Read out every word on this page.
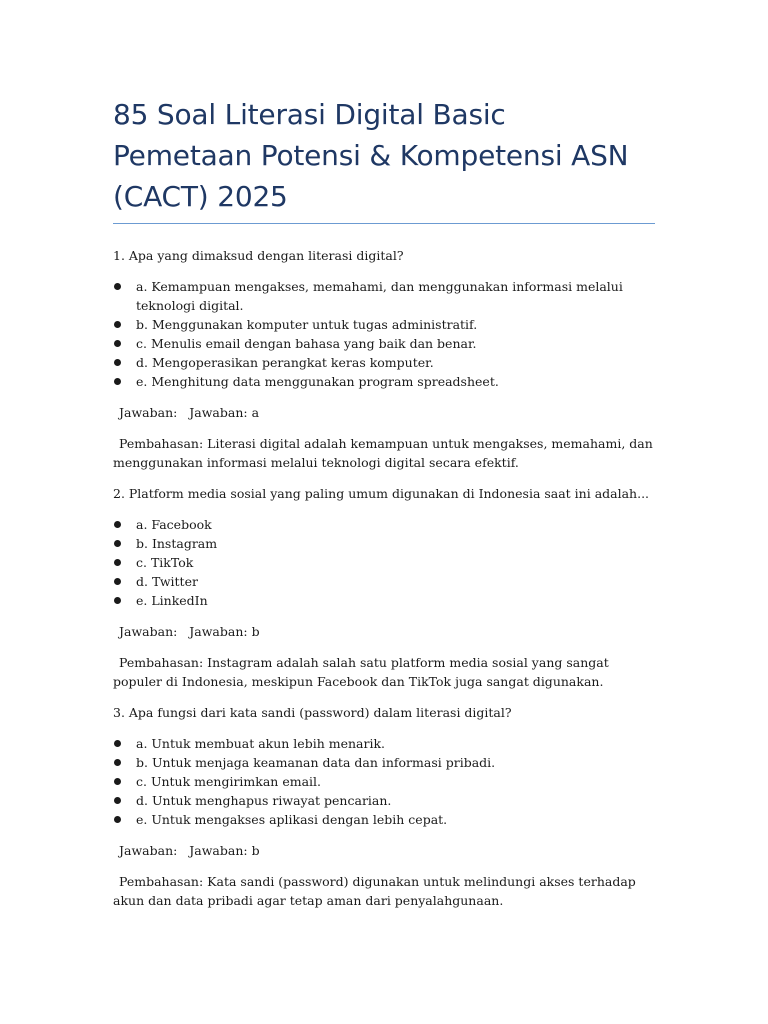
85 Soal Literasi Digital Basic
Pemetaan Potensi & Kompetensi ASN
(CACT) 2025

1. Apa yang dimaksud dengan literasi digital?

a. Kemampuan mengakses, memahami, dan menggunakan informasi melalui teknologi digital.
b. Menggunakan komputer untuk tugas administratif.
c. Menulis email dengan bahasa yang baik dan benar.
d. Mengoperasikan perangkat keras komputer.
e. Menghitung data menggunakan program spreadsheet.

Jawaban: Jawaban: a

Pembahasan: Literasi digital adalah kemampuan untuk mengakses, memahami, dan menggunakan informasi melalui teknologi digital secara efektif.

2. Platform media sosial yang paling umum digunakan di Indonesia saat ini adalah...

a. Facebook
b. Instagram
c. TikTok
d. Twitter
e. LinkedIn

Jawaban: Jawaban: b

Pembahasan: Instagram adalah salah satu platform media sosial yang sangat populer di Indonesia, meskipun Facebook dan TikTok juga sangat digunakan.

3. Apa fungsi dari kata sandi (password) dalam literasi digital?

a. Untuk membuat akun lebih menarik.
b. Untuk menjaga keamanan data dan informasi pribadi.
c. Untuk mengirimkan email.
d. Untuk menghapus riwayat pencarian.
e. Untuk mengakses aplikasi dengan lebih cepat.

Jawaban: Jawaban: b

Pembahasan: Kata sandi (password) digunakan untuk melindungi akses terhadap akun dan data pribadi agar tetap aman dari penyalahgunaan.
